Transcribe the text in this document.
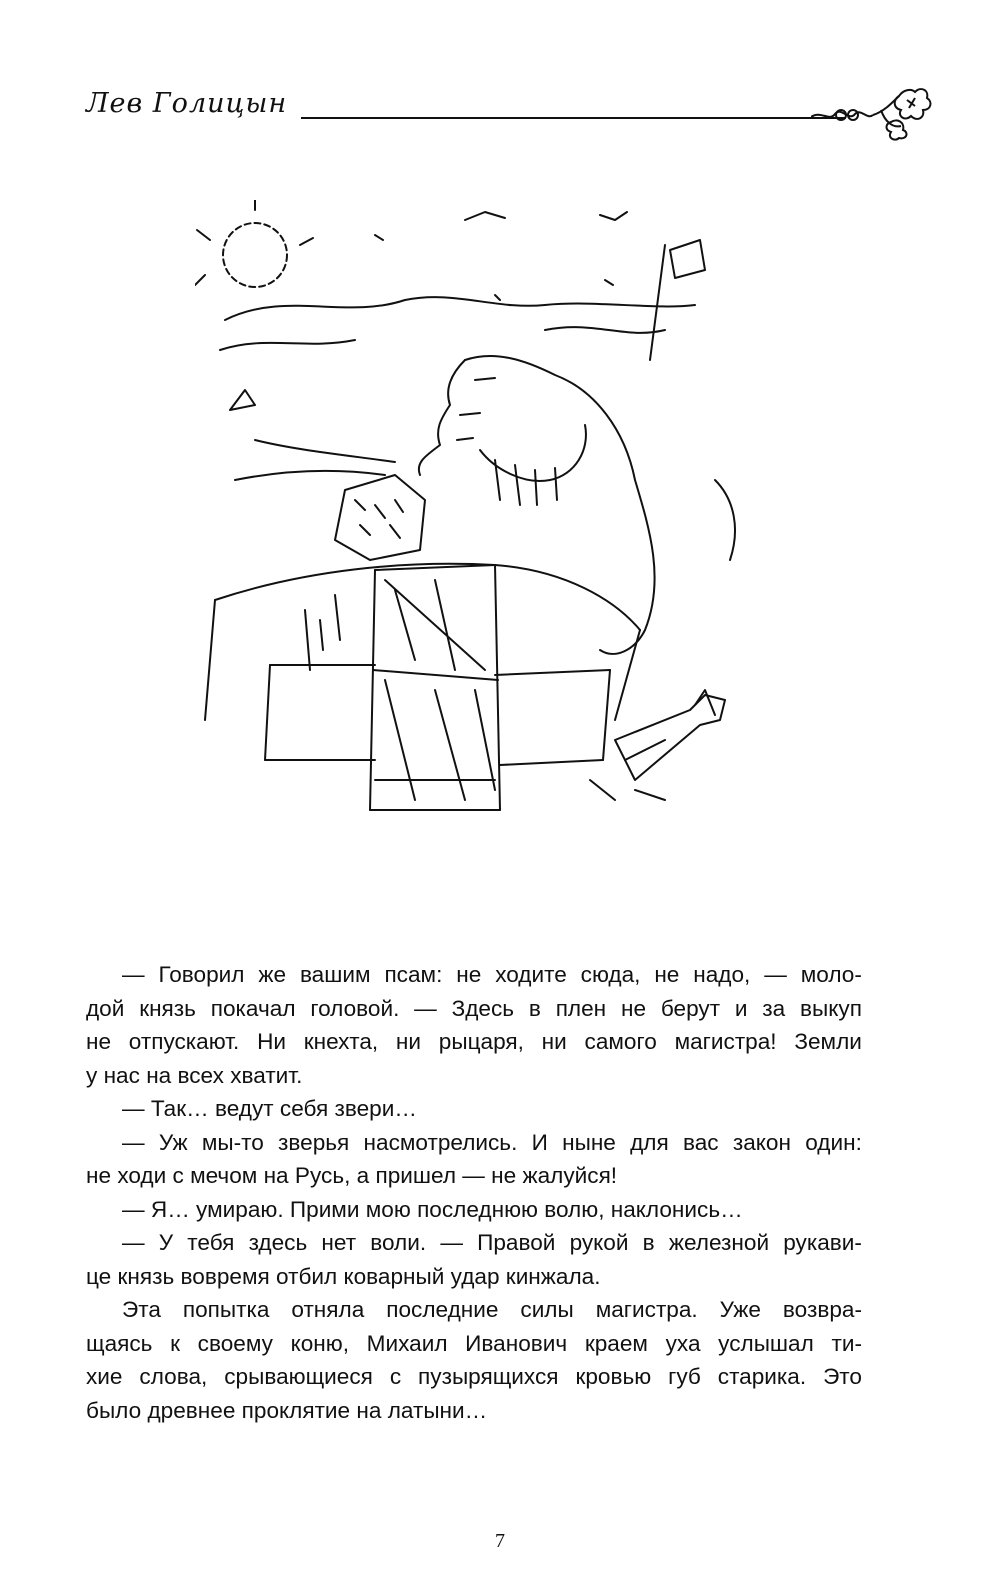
Лев Голицын
— Говорил же вашим псам: не ходите сюда, не надо, — моло-
дой князь покачал головой. — Здесь в плен не берут и за выкуп
не отпускают. Ни кнехта, ни рыцаря, ни самого магистра! Земли
у нас на всех хватит.
— Так… ведут себя звери…
— Уж мы-то зверья насмотрелись. И ныне для вас закон один:
не ходи с мечом на Русь, а пришел — не жалуйся!
— Я… умираю. Прими мою последнюю волю, наклонись…
— У тебя здесь нет воли. — Правой рукой в железной рукави-
це князь вовремя отбил коварный удар кинжала.
Эта попытка отняла последние силы магистра. Уже возвра-
щаясь к своему коню, Михаил Иванович краем уха услышал ти-
хие слова, срывающиеся с пузырящихся кровью губ старика. Это
было древнее проклятие на латыни…
7
